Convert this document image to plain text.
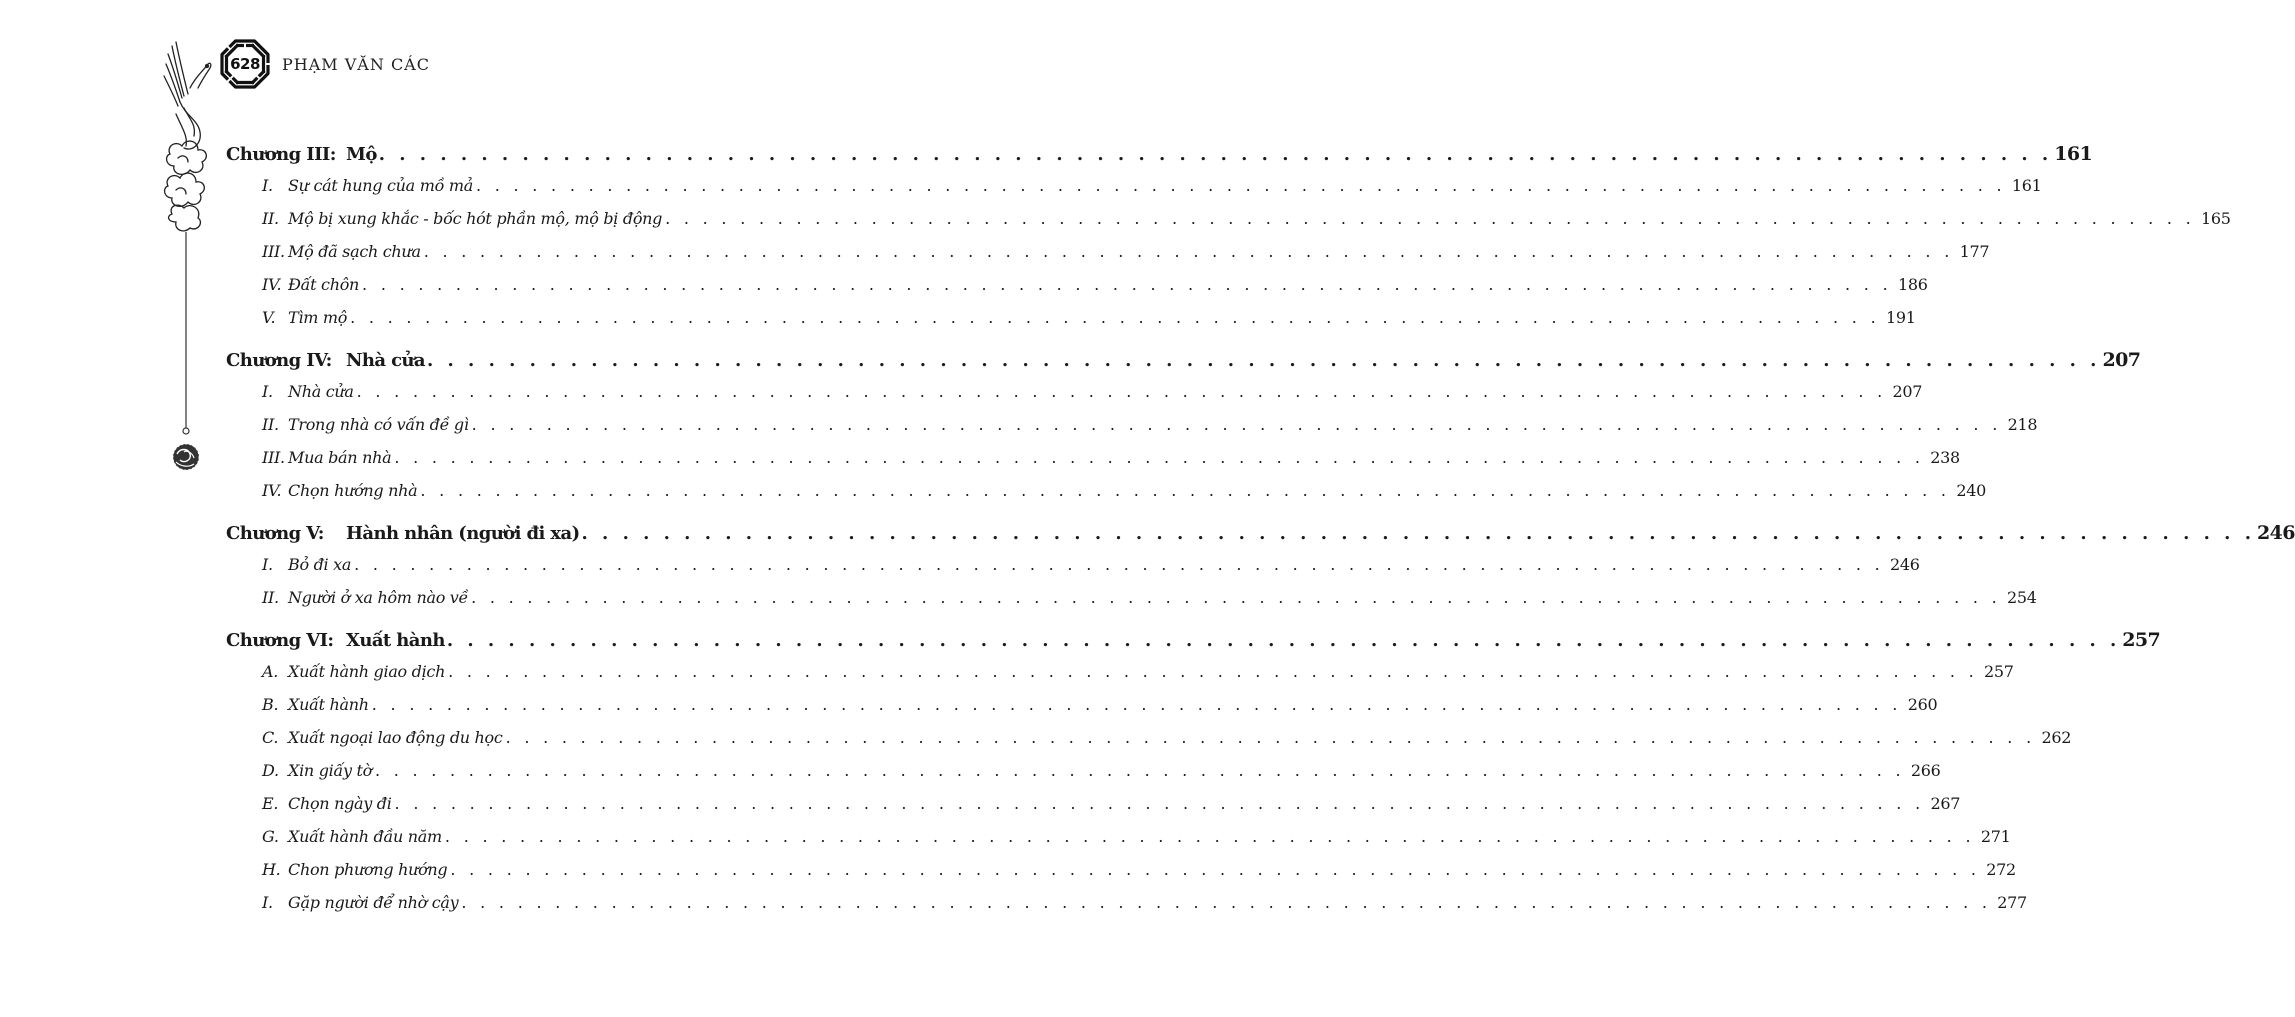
628 PHẠM VĂN CÁC
Chương III: Mộ . . . . . . . . . . . . . . . . . . . . . . . . . . . . . . . . . . . . . . . . . . . . . . . . . . . . . . . . . . . . . . . . . . . . . . . . . . . . . . . . . . 161
I. Sự cát hung của mồ mả . . . . . . . . . . . . . . . . . . . . . . . . . . . . . . . . . . . . . . . . . . . . . . . . . . . . . . . . . . . . . . . . . . . . . . . . . . . . . . . . . . 161
II. Mộ bị xung khắc - bốc hót phần mộ, mộ bị động . . . . . . . . . . . . . . . . . . . . . . . . . . . . . . . . . . . . . . . . . . . . . . . . . . . . . . . . . . . . . . . . . . . . . . . . . . . . . . . . . . 165
III. Mộ đã sạch chưa . . . . . . . . . . . . . . . . . . . . . . . . . . . . . . . . . . . . . . . . . . . . . . . . . . . . . . . . . . . . . . . . . . . . . . . . . . . . . . . . . . 177
IV. Đất chôn . . . . . . . . . . . . . . . . . . . . . . . . . . . . . . . . . . . . . . . . . . . . . . . . . . . . . . . . . . . . . . . . . . . . . . . . . . . . . . . . . . 186
V. Tìm mộ . . . . . . . . . . . . . . . . . . . . . . . . . . . . . . . . . . . . . . . . . . . . . . . . . . . . . . . . . . . . . . . . . . . . . . . . . . . . . . . . . . 191
Chương IV: Nhà cửa . . . . . . . . . . . . . . . . . . . . . . . . . . . . . . . . . . . . . . . . . . . . . . . . . . . . . . . . . . . . . . . . . . . . . . . . . . . . . . . . . . 207
I. Nhà cửa . . . . . . . . . . . . . . . . . . . . . . . . . . . . . . . . . . . . . . . . . . . . . . . . . . . . . . . . . . . . . . . . . . . . . . . . . . . . . . . . . . 207
II. Trong nhà có vấn đề gì . . . . . . . . . . . . . . . . . . . . . . . . . . . . . . . . . . . . . . . . . . . . . . . . . . . . . . . . . . . . . . . . . . . . . . . . . . . . . . . . . . 218
III. Mua bán nhà . . . . . . . . . . . . . . . . . . . . . . . . . . . . . . . . . . . . . . . . . . . . . . . . . . . . . . . . . . . . . . . . . . . . . . . . . . . . . . . . . . 238
IV. Chọn hướng nhà . . . . . . . . . . . . . . . . . . . . . . . . . . . . . . . . . . . . . . . . . . . . . . . . . . . . . . . . . . . . . . . . . . . . . . . . . . . . . . . . . . 240
Chương V:	Hành nhân (người đi xa) . . . . . . . . . . . . . . . . . . . . . . . . . . . . . . . . . . . . . . . . . . . . . . . . . . . . . . . . . . . . . . . . . . . . . . . . . . . . . . . . . . 246
I. Bỏ đi xa . . . . . . . . . . . . . . . . . . . . . . . . . . . . . . . . . . . . . . . . . . . . . . . . . . . . . . . . . . . . . . . . . . . . . . . . . . . . . . . . . . 246
II. Người ở xa hôm nào về . . . . . . . . . . . . . . . . . . . . . . . . . . . . . . . . . . . . . . . . . . . . . . . . . . . . . . . . . . . . . . . . . . . . . . . . . . . . . . . . . . 254
Chương VI: Xuất hành . . . . . . . . . . . . . . . . . . . . . . . . . . . . . . . . . . . . . . . . . . . . . . . . . . . . . . . . . . . . . . . . . . . . . . . . . . . . . . . . . . 257
A. Xuất hành giao dịch . . . . . . . . . . . . . . . . . . . . . . . . . . . . . . . . . . . . . . . . . . . . . . . . . . . . . . . . . . . . . . . . . . . . . . . . . . . . . . . . . . 257
B. Xuất hành . . . . . . . . . . . . . . . . . . . . . . . . . . . . . . . . . . . . . . . . . . . . . . . . . . . . . . . . . . . . . . . . . . . . . . . . . . . . . . . . . . 260
C. Xuất ngoại lao động du học . . . . . . . . . . . . . . . . . . . . . . . . . . . . . . . . . . . . . . . . . . . . . . . . . . . . . . . . . . . . . . . . . . . . . . . . . . . . . . . . . . 262
D. Xin giấy tờ . . . . . . . . . . . . . . . . . . . . . . . . . . . . . . . . . . . . . . . . . . . . . . . . . . . . . . . . . . . . . . . . . . . . . . . . . . . . . . . . . . 266
E. Chọn ngày đi . . . . . . . . . . . . . . . . . . . . . . . . . . . . . . . . . . . . . . . . . . . . . . . . . . . . . . . . . . . . . . . . . . . . . . . . . . . . . . . . . . 267
G. Xuất hành đầu năm . . . . . . . . . . . . . . . . . . . . . . . . . . . . . . . . . . . . . . . . . . . . . . . . . . . . . . . . . . . . . . . . . . . . . . . . . . . . . . . . . . 271
H. Chon phương hướng . . . . . . . . . . . . . . . . . . . . . . . . . . . . . . . . . . . . . . . . . . . . . . . . . . . . . . . . . . . . . . . . . . . . . . . . . . . . . . . . . . 272
I. Gặp người để nhờ cậy . . . . . . . . . . . . . . . . . . . . . . . . . . . . . . . . . . . . . . . . . . . . . . . . . . . . . . . . . . . . . . . . . . . . . . . . . . . . . . . . . . 277
